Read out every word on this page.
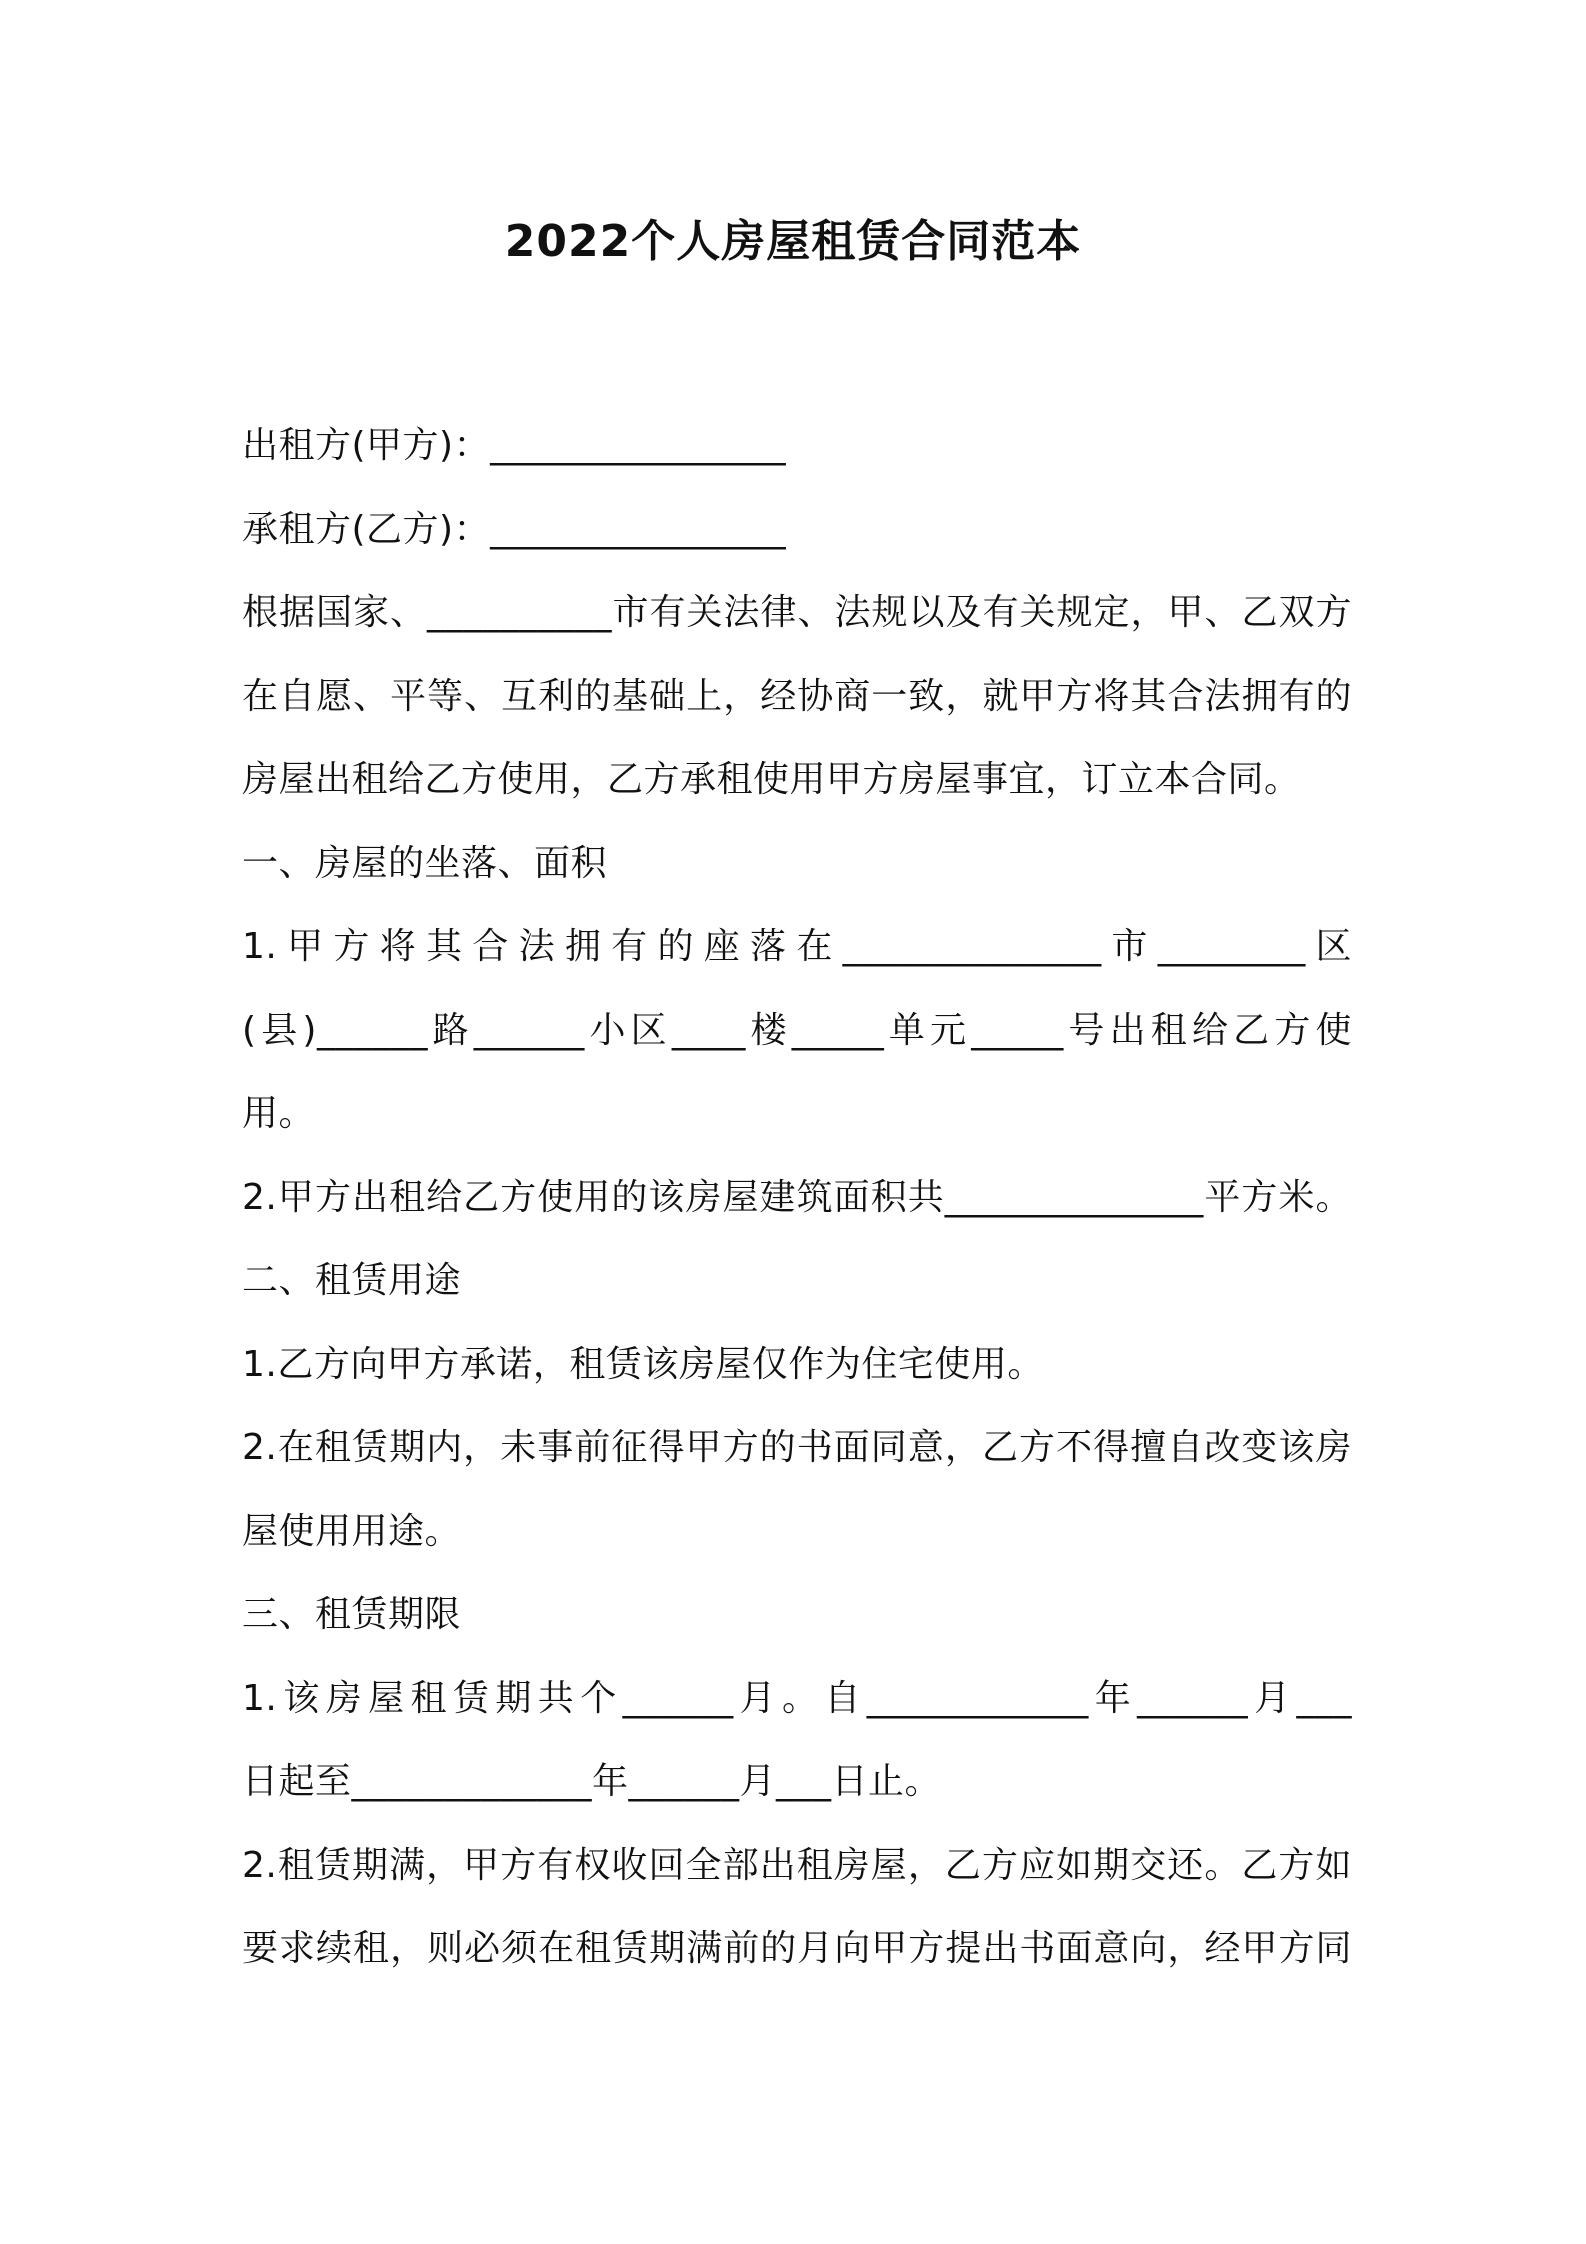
2022个人房屋租赁合同范本
出租方(甲方)：________________
承租方(乙方)：________________
根据国家、__________市有关法律、法规以及有关规定，甲、乙双方
在自愿、平等、互利的基础上，经协商一致，就甲方将其合法拥有的
房屋出租给乙方使用，乙方承租使用甲方房屋事宜，订立本合同。
一、房屋的坐落、面积
1.甲方将其合法拥有的座落在______________市________区
(县)______路______小区____楼_____单元_____号出租给乙方使
用。
2.甲方出租给乙方使用的该房屋建筑面积共______________平方米。
二、租赁用途
1.乙方向甲方承诺，租赁该房屋仅作为住宅使用。
2.在租赁期内，未事前征得甲方的书面同意，乙方不得擅自改变该房
屋使用用途。
三、租赁期限
1.该房屋租赁期共个______月。自____________年______月___
日起至_____________年______月___日止。
2.租赁期满，甲方有权收回全部出租房屋，乙方应如期交还。乙方如
要求续租，则必须在租赁期满前的月向甲方提出书面意向，经甲方同
